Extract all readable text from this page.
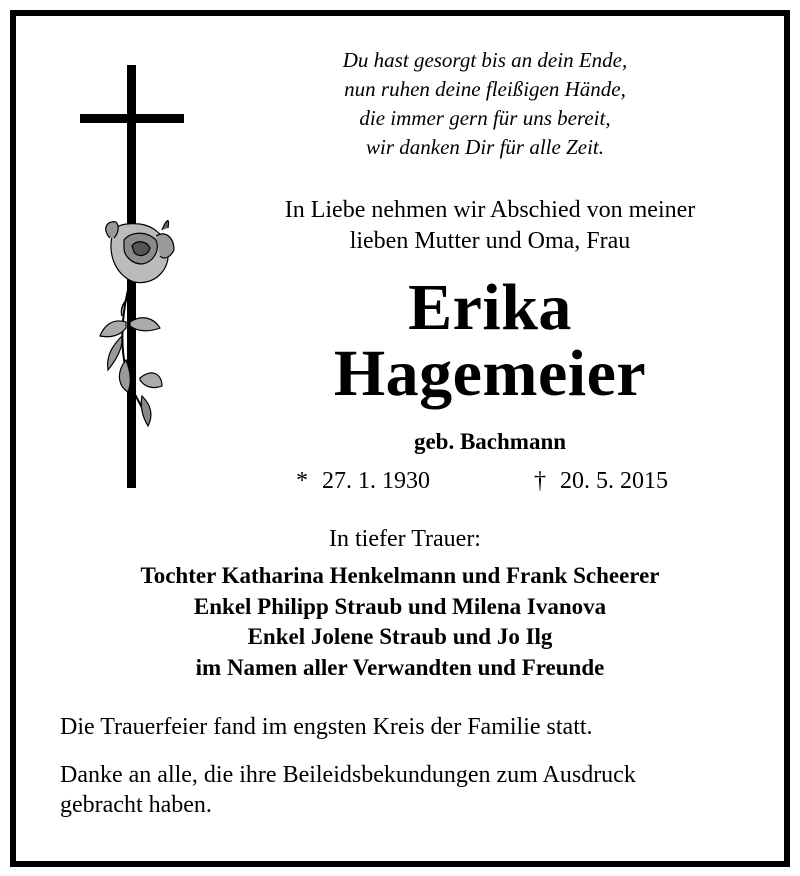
Du hast gesorgt bis an dein Ende,
nun ruhen deine fleißigen Hände,
die immer gern für uns bereit,
wir danken Dir für alle Zeit.
In Liebe nehmen wir Abschied von meiner
lieben Mutter und Oma, Frau
Erika
Hagemeier
geb. Bachmann
* 27. 1. 1930	† 20. 5. 2015
In tiefer Trauer:
Tochter Katharina Henkelmann und Frank Scheerer
Enkel Philipp Straub und Milena Ivanova
Enkel Jolene Straub und Jo Ilg
im Namen aller Verwandten und Freunde
Die Trauerfeier fand im engsten Kreis der Familie statt.
Danke an alle, die ihre Beileidsbekundungen zum Ausdruck
gebracht haben.
